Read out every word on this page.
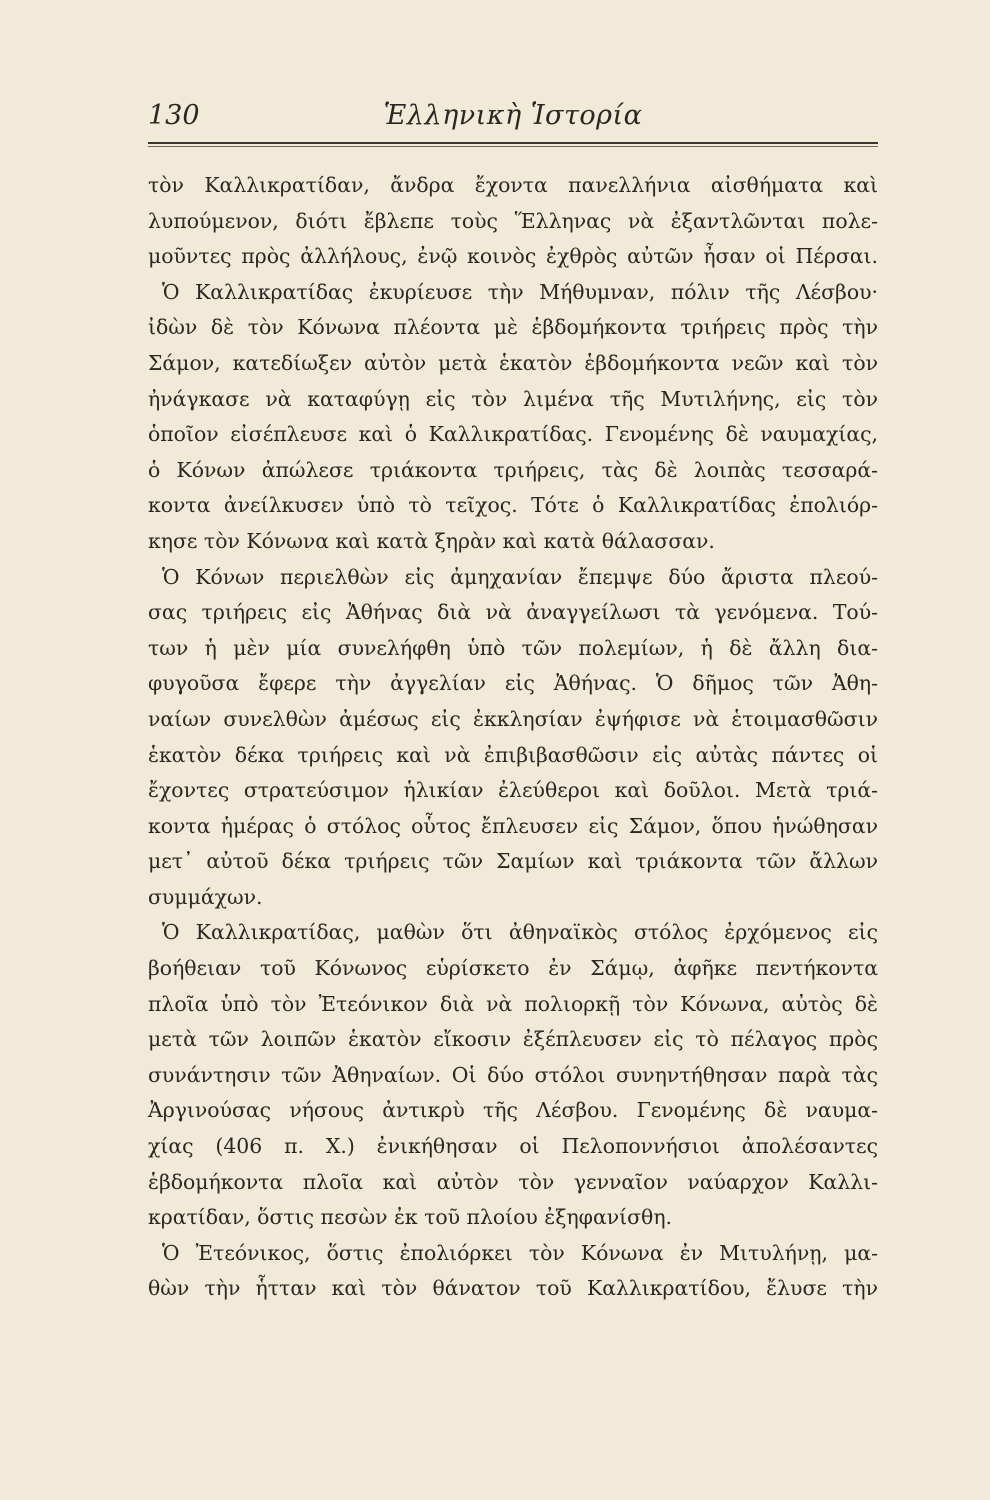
130	Ἑλληνικὴ Ἱστορία
τὸν Καλλικρατίδαν, ἄνδρα ἔχοντα πανελλήνια αἰσθήματα καὶ
λυπούμενον, διότι ἔβλεπε τοὺς Ἕλληνας νὰ ἐξαντλῶνται πολε-
μοῦντες πρὸς ἀλλήλους, ἐνῷ κοινὸς ἐχθρὸς αὐτῶν ἦσαν οἱ Πέρσαι.
Ὁ Καλλικρατίδας ἐκυρίευσε τὴν Μήθυμναν, πόλιν τῆς Λέσβου·
ἰδὼν δὲ τὸν Κόνωνα πλέοντα μὲ ἑβδομήκοντα τριήρεις πρὸς τὴν
Σάμον, κατεδίωξεν αὐτὸν μετὰ ἑκατὸν ἑβδομήκοντα νεῶν καὶ τὸν
ἠνάγκασε νὰ καταφύγῃ εἰς τὸν λιμένα τῆς Μυτιλήνης, εἰς τὸν
ὁποῖον εἰσέπλευσε καὶ ὁ Καλλικρατίδας. Γενομένης δὲ ναυμαχίας,
ὁ Κόνων ἀπώλεσε τριάκοντα τριήρεις, τὰς δὲ λοιπὰς τεσσαρά-
κοντα ἀνείλκυσεν ὑπὸ τὸ τεῖχος. Τότε ὁ Καλλικρατίδας ἐπολιόρ-
κησε τὸν Κόνωνα καὶ κατὰ ξηρὰν καὶ κατὰ θάλασσαν.
Ὁ Κόνων περιελθὼν εἰς ἀμηχανίαν ἔπεμψε δύο ἄριστα πλεού-
σας τριήρεις εἰς Ἀθήνας διὰ νὰ ἀναγγείλωσι τὰ γενόμενα. Τού-
των ἡ μὲν μία συνελήφθη ὑπὸ τῶν πολεμίων, ἡ δὲ ἄλλη δια-
φυγοῦσα ἔφερε τὴν ἀγγελίαν εἰς Ἀθήνας. Ὁ δῆμος τῶν Ἀθη-
ναίων συνελθὼν ἀμέσως εἰς ἐκκλησίαν ἐψήφισε νὰ ἑτοιμασθῶσιν
ἑκατὸν δέκα τριήρεις καὶ νὰ ἐπιβιβασθῶσιν εἰς αὐτὰς πάντες οἱ
ἔχοντες στρατεύσιμον ἡλικίαν ἐλεύθεροι καὶ δοῦλοι. Μετὰ τριά-
κοντα ἡμέρας ὁ στόλος οὗτος ἔπλευσεν εἰς Σάμον, ὅπου ἡνώθησαν
μετ᾽ αὐτοῦ δέκα τριήρεις τῶν Σαμίων καὶ τριάκοντα τῶν ἄλλων
συμμάχων.
Ὁ Καλλικρατίδας, μαθὼν ὅτι ἀθηναϊκὸς στόλος ἐρχόμενος εἰς
βοήθειαν τοῦ Κόνωνος εὑρίσκετο ἐν Σάμῳ, ἀφῆκε πεντήκοντα
πλοῖα ὑπὸ τὸν Ἐτεόνικον διὰ νὰ πολιορκῇ τὸν Κόνωνα, αὐτὸς δὲ
μετὰ τῶν λοιπῶν ἑκατὸν εἴκοσιν ἐξέπλευσεν εἰς τὸ πέλαγος πρὸς
συνάντησιν τῶν Ἀθηναίων. Οἱ δύο στόλοι συνηντήθησαν παρὰ τὰς
Ἀργινούσας νήσους ἀντικρὺ τῆς Λέσβου. Γενομένης δὲ ναυμα-
χίας (406 π. Χ.) ἐνικήθησαν οἱ Πελοποννήσιοι ἀπολέσαντες
ἑβδομήκοντα πλοῖα καὶ αὐτὸν τὸν γενναῖον ναύαρχον Καλλι-
κρατίδαν, ὅστις πεσὼν ἐκ τοῦ πλοίου ἐξηφανίσθη.
Ὁ Ἐτεόνικος, ὅστις ἐπολιόρκει τὸν Κόνωνα ἐν Μιτυλήνῃ, μα-
θὼν τὴν ἧτταν καὶ τὸν θάνατον τοῦ Καλλικρατίδου, ἔλυσε τὴν
